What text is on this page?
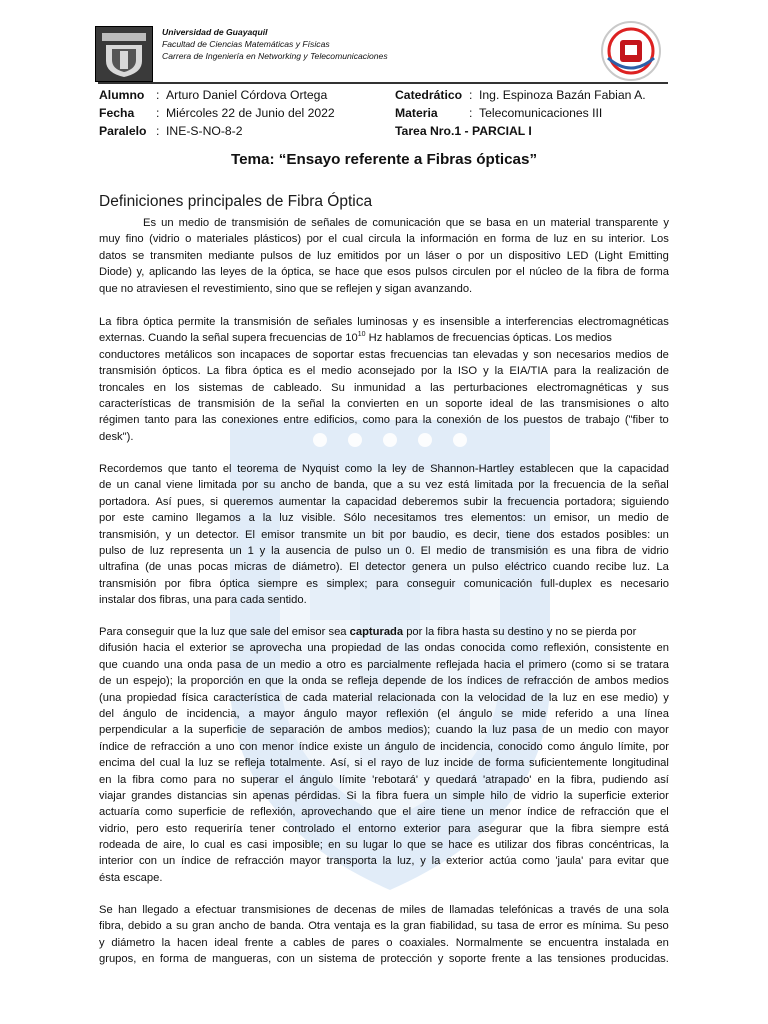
Universidad de Guayaquil
Facultad de Ciencias Matemáticas y Físicas
Carrera de Ingeniería en Networking y Telecomunicaciones
Alumno : Arturo Daniel Córdova Ortega
Fecha	: Miércoles 22 de Junio del 2022
Paralelo : INE-S-NO-8-2
Catedrático : Ing. Espinoza Bazán Fabian A.
Materia	: Telecomunicaciones III
Tarea Nro.1 - PARCIAL I
Tema: “Ensayo referente a Fibras ópticas”
Definiciones principales de Fibra Óptica
Es un medio de transmisión de señales de comunicación que se basa en un material transparente y
muy fino (vidrio o materiales plásticos) por el cual circula la información en forma de luz en su interior. Los
datos se transmiten mediante pulsos de luz emitidos por un láser o por un dispositivo LED (Light Emitting
Diode) y, aplicando las leyes de la óptica, se hace que esos pulsos circulen por el núcleo de la fibra de forma
que no atraviesen el revestimiento, sino que se reflejen y sigan avanzando.
La fibra óptica permite la transmisión de señales luminosas y es insensible a interferencias electromagnéticas
externas. Cuando la señal supera frecuencias de $10^{10}$ Hz hablamos de frecuencias ópticas. Los medios
conductores metálicos son incapaces de soportar estas frecuencias tan elevadas y son necesarios medios de
transmisión ópticos. La fibra óptica es el medio aconsejado por la ISO y la EIA/TIA para la realización de
troncales en los sistemas de cableado. Su inmunidad a las perturbaciones electromagnéticas y sus
características de transmisión de la señal la convierten en un soporte ideal de las transmisiones o alto
régimen tanto para las conexiones entre edificios, como para la conexión de los puestos de trabajo ("fiber to
desk").
Recordemos que tanto el teorema de Nyquist como la ley de Shannon-Hartley establecen que la capacidad
de un canal viene limitada por su ancho de banda, que a su vez está limitada por la frecuencia de la señal
portadora. Así pues, si queremos aumentar la capacidad deberemos subir la frecuencia portadora; siguiendo
por este camino llegamos a la luz visible. Sólo necesitamos tres elementos: un emisor, un medio de
transmisión, y un detector. El emisor transmite un bit por baudio, es decir, tiene dos estados posibles: un
pulso de luz representa un 1 y la ausencia de pulso un 0. El medio de transmisión es una fibra de vidrio
ultrafina (de unas pocas micras de diámetro). El detector genera un pulso eléctrico cuando recibe luz. La
transmisión por fibra óptica siempre es simplex; para conseguir comunicación full-duplex es necesario
instalar dos fibras, una para cada sentido.
Para conseguir que la luz que sale del emisor sea capturada por la fibra hasta su destino y no se pierda por
difusión hacia el exterior se aprovecha una propiedad de las ondas conocida como reflexión, consistente en
que cuando una onda pasa de un medio a otro es parcialmente reflejada hacia el primero (como si se tratara
de un espejo); la proporción en que la onda se refleja depende de los índices de refracción de ambos medios
(una propiedad física característica de cada material relacionada con la velocidad de la luz en ese medio) y
del ángulo de incidencia, a mayor ángulo mayor reflexión (el ángulo se mide referido a una línea
perpendicular a la superficie de separación de ambos medios); cuando la luz pasa de un medio con mayor
índice de refracción a uno con menor índice existe un ángulo de incidencia, conocido como ángulo límite, por
encima del cual la luz se refleja totalmente. Así, si el rayo de luz incide de forma suficientemente longitudinal
en la fibra como para no superar el ángulo límite 'rebotará' y quedará 'atrapado' en la fibra, pudiendo así
viajar grandes distancias sin apenas pérdidas. Si la fibra fuera un simple hilo de vidrio la superficie exterior
actuaría como superficie de reflexión, aprovechando que el aire tiene un menor índice de refracción que el
vidrio, pero esto requeriría tener controlado el entorno exterior para asegurar que la fibra siempre está
rodeada de aire, lo cual es casi imposible; en su lugar lo que se hace es utilizar dos fibras concéntricas, la
interior con un índice de refracción mayor transporta la luz, y la exterior actúa como 'jaula' para evitar que
ésta escape.
Se han llegado a efectuar transmisiones de decenas de miles de llamadas telefónicas a través de una sola
fibra, debido a su gran ancho de banda. Otra ventaja es la gran fiabilidad, su tasa de error es mínima. Su peso
y diámetro la hacen ideal frente a cables de pares o coaxiales. Normalmente se encuentra instalada en
grupos, en forma de mangueras, con un sistema de protección y soporte frente a las tensiones producidas.
